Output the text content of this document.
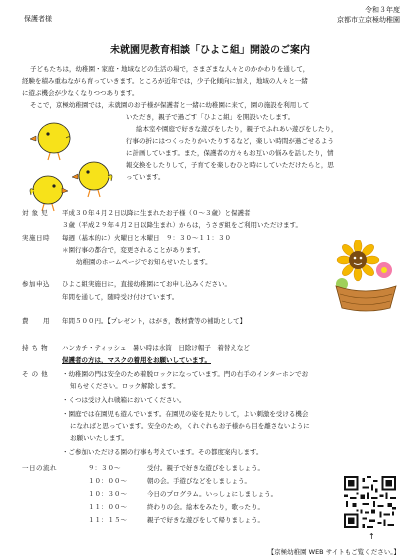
保護者様
令和３年度
京都市立京極幼稚園
未就園児教育相談「ひよこ組」開設のご案内
子どもたちは，幼稚園・家庭・地域などの生活の場で，さまざまな人々とのかかわりを通して，
経験を積み重ねながら育っていきます。ところが近年では，少子化傾向に加え，地域の人々と一緒
に遊ぶ機会が少なくなりつつあります。
そこで，京極幼稚園では，未就園のお子様が保護者と一緒に幼稚園に来て，園の施設を利用して
いただき，親子で過ごす「ひよこ組」を開設いたします。
絵本室や園庭で好きな遊びをしたり，親子でふれあい遊びをしたり，
行事の折にはつくったりかいたりするなど，楽しい時間が過ごせるよう
に計画しています。また，保護者の方々もお互いの悩みを話したり，情
報交換をしたりして，子育てを楽しむひと時にしていただけたらと，思
っています。
対 象 児 平成３０年４月２日以降に生まれたお子様（０～３歳）と保護者
３歳（平成２９年４月２日以降生まれ）からは，うさぎ組をご利用いただけます。
実施日時 毎週（基本的に）火曜日と木曜日　９：３０～１１：３０
＊園行事の都合で，変更されることがあります。
幼稚園のホームページでお知らせいたします。
参加申込 ひよこ組実施日に，直接幼稚園にてお申し込みください。
年間を通して，随時受け付けています。
費　　用 年間５００円。【プレゼント，はがき，教材費等の補助として】
持 ち 物 ハンカチ・ティッシュ　暑い時は水筒　日除け帽子　着替えなど
保護者の方は，マスクの着用をお願いしています。
そ の 他 ・幼稚園の門は安全のため着脱ロックになっています。門の右手のインターホンでお
知らせください。ロック解除します。
・くつは受け入れ戦箱においてください。
・園庭では在園児も遊んでいます。在園児の姿を見たりして，よい刺激を受ける機会
になればと思っています。安全のため，くれぐれもお子様から目を離さないように
お願いいたします。
・ご参加いただける園の行事も考えています。その都度案内します。
一日の流れ	９：３０～	受付。親子で好きな遊びをしましょう。
１０：００～	朝の会。手遊びなどをしましょう。
１０：３０～	今日のプログラム。いっしょにしましょう。
１１：００～	終わりの会。絵本をみたり，歌ったり。
１１：１５～	親子で好きな遊びをして帰りましょう。
↑
【京極幼稚園 WEB サイトもご覧ください。】
